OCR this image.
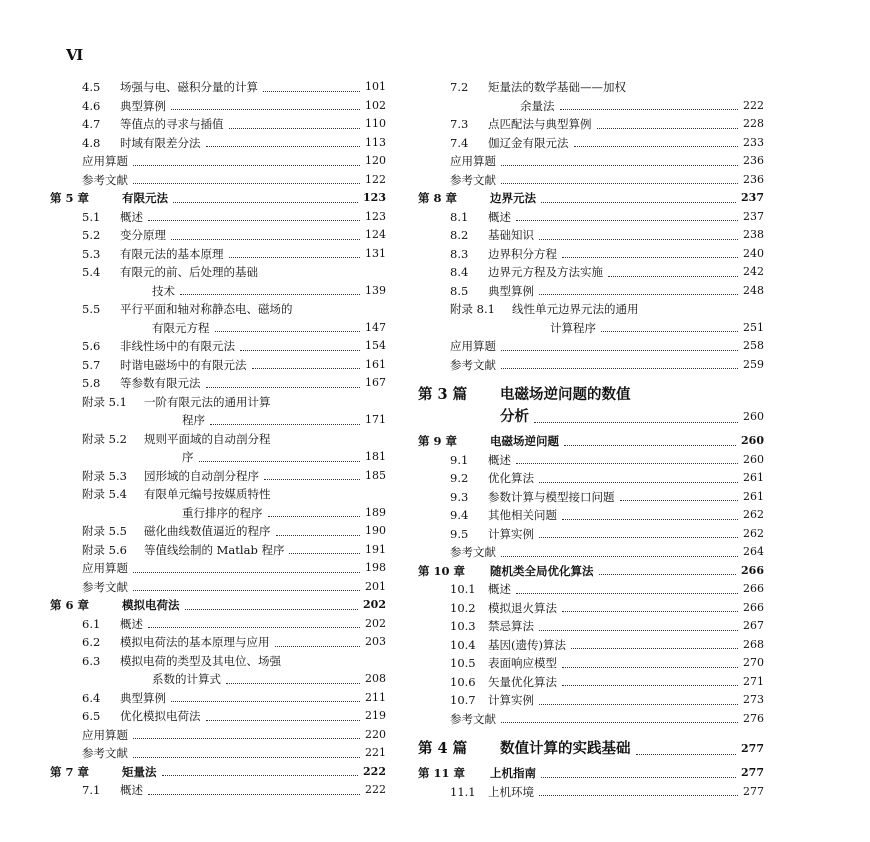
Ⅵ
4.5 场强与电、磁积分量的计算	101
4.6 典型算例	102
4.7 等值点的寻求与插值	110
4.8 时域有限差分法	113
应用算题	120
参考文献	122
第 5 章	有限元法	123
5.1 概述	123
5.2 变分原理	124
5.3 有限元法的基本原理	131
5.4 有限元的前、后处理的基础
技术	139
5.5 平行平面和轴对称静态电、磁场的
有限元方程	147
5.6 非线性场中的有限元法	154
5.7 时谐电磁场中的有限元法	161
5.8 等参数有限元法	167
附录 5.1 一阶有限元法的通用计算
程序	171
附录 5.2 规则平面域的自动剖分程
序	181
附录 5.3 园形域的自动剖分程序	185
附录 5.4 有限单元编号按媒质特性
重行排序的程序	189
附录 5.5 磁化曲线数值逼近的程序	190
附录 5.6 等值线绘制的 Matlab 程序	191
应用算题	198
参考文献	201
第 6 章	模拟电荷法	202
6.1 概述	202
6.2 模拟电荷法的基本原理与应用	203
6.3 模拟电荷的类型及其电位、场强
系数的计算式	208
6.4 典型算例	211
6.5 优化模拟电荷法	219
应用算题	220
参考文献	221
第 7 章	矩量法	222
7.1 概述	222
7.2 矩量法的数学基础——加权
余量法	222
7.3 点匹配法与典型算例	228
7.4 伽辽金有限元法	233
应用算题	236
参考文献	236
第 8 章	边界元法	237
8.1 概述	237
8.2 基础知识	238
8.3 边界积分方程	240
8.4 边界元方程及方法实施	242
8.5 典型算例	248
附录 8.1 线性单元边界元法的通用
计算程序	251
应用算题	258
参考文献	259
第 3 篇 电磁场逆问题的数值
分析	260
第 9 章	电磁场逆问题	260
9.1 概述	260
9.2 优化算法	261
9.3 参数计算与模型接口问题	261
9.4 其他相关问题	262
9.5 计算实例	262
参考文献	264
第 10 章 随机类全局优化算法	266
10.1 概述	266
10.2 模拟退火算法	266
10.3 禁忌算法	267
10.4 基因(遗传)算法	268
10.5 表面响应模型	270
10.6 矢量优化算法	271
10.7 计算实例	273
参考文献	276
第 4 篇 数值计算的实践基础	277
第 11 章 上机指南	277
11.1 上机环境	277
